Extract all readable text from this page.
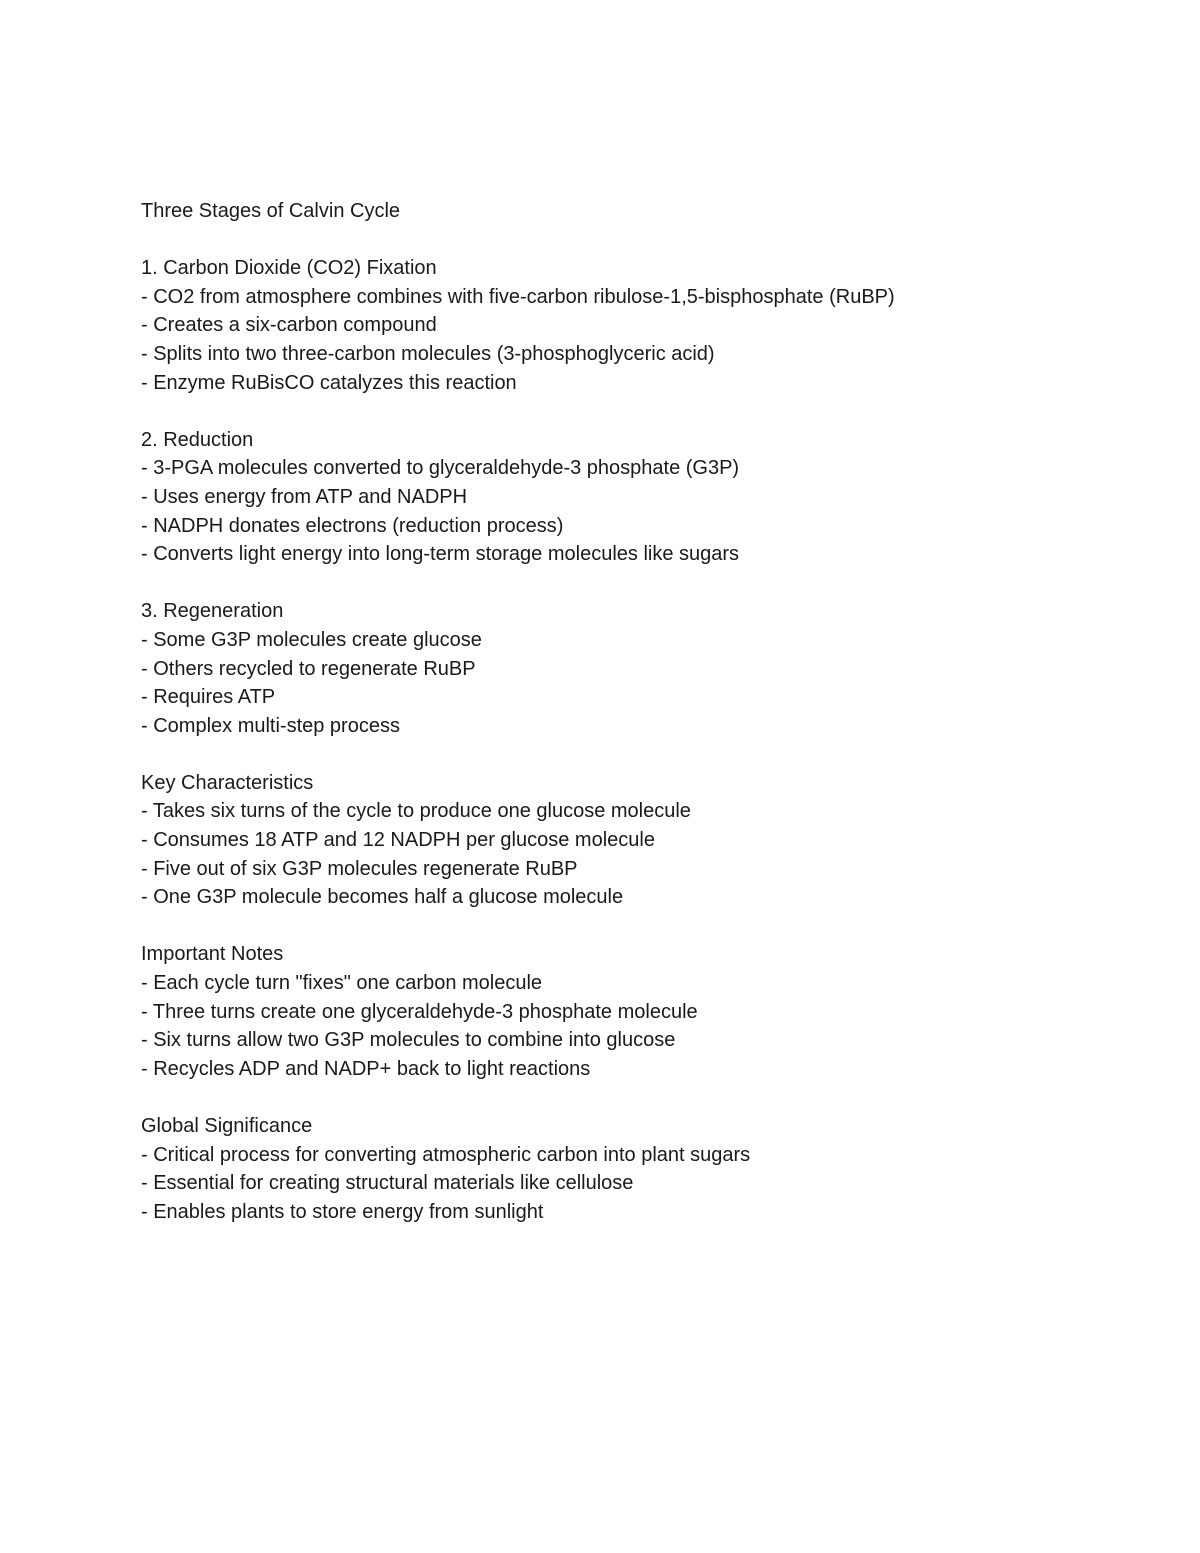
Three Stages of Calvin Cycle
1. Carbon Dioxide (CO2) Fixation
- CO2 from atmosphere combines with five-carbon ribulose-1,5-bisphosphate (RuBP)
- Creates a six-carbon compound
- Splits into two three-carbon molecules (3-phosphoglyceric acid)
- Enzyme RuBisCO catalyzes this reaction
2. Reduction
- 3-PGA molecules converted to glyceraldehyde-3 phosphate (G3P)
- Uses energy from ATP and NADPH
- NADPH donates electrons (reduction process)
- Converts light energy into long-term storage molecules like sugars
3. Regeneration
- Some G3P molecules create glucose
- Others recycled to regenerate RuBP
- Requires ATP
- Complex multi-step process
Key Characteristics
- Takes six turns of the cycle to produce one glucose molecule
- Consumes 18 ATP and 12 NADPH per glucose molecule
- Five out of six G3P molecules regenerate RuBP
- One G3P molecule becomes half a glucose molecule
Important Notes
- Each cycle turn "fixes" one carbon molecule
- Three turns create one glyceraldehyde-3 phosphate molecule
- Six turns allow two G3P molecules to combine into glucose
- Recycles ADP and NADP+ back to light reactions
Global Significance
- Critical process for converting atmospheric carbon into plant sugars
- Essential for creating structural materials like cellulose
- Enables plants to store energy from sunlight
